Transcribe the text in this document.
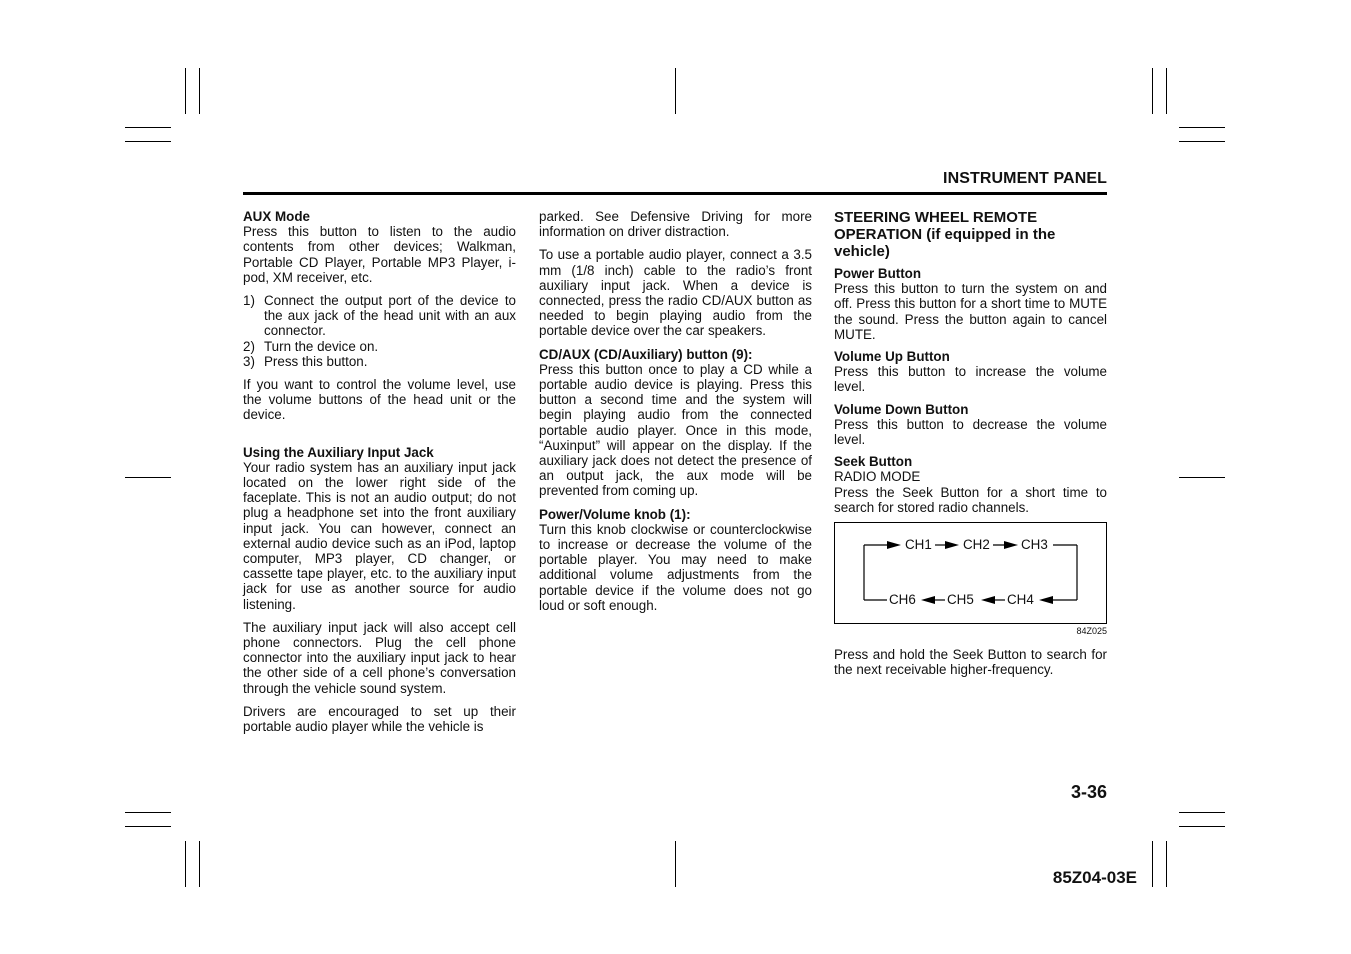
INSTRUMENT PANEL
AUX Mode

Press this button to listen to the audio contents from other devices; Walkman, Portable CD Player, Portable MP3 Player, i-pod, XM receiver, etc.

1) Connect the output port of the device to the aux jack of the head unit with an aux connector.
2) Turn the device on.
3) Press this button.

If you want to control the volume level, use the volume buttons of the head unit or the device.

Using the Auxiliary Input Jack

Your radio system has an auxiliary input jack located on the lower right side of the faceplate. This is not an audio output; do not plug a headphone set into the front auxiliary input jack. You can however, connect an external audio device such as an iPod, laptop computer, MP3 player, CD changer, or cassette tape player, etc. to the auxiliary input jack for use as another source for audio listening.

The auxiliary input jack will also accept cell phone connectors. Plug the cell phone connector into the auxiliary input jack to hear the other side of a cell phone’s conversation through the vehicle sound system.

Drivers are encouraged to set up their portable audio player while the vehicle is

parked. See Defensive Driving for more information on driver distraction.

To use a portable audio player, connect a 3.5 mm (1/8 inch) cable to the radio’s front auxiliary input jack. When a device is connected, press the radio CD/AUX button as needed to begin playing audio from the portable device over the car speakers.

CD/AUX (CD/Auxiliary) button (9):

Press this button once to play a CD while a portable audio device is playing. Press this button a second time and the system will begin playing audio from the connected portable audio player. Once in this mode, “Auxinput” will appear on the display. If the auxiliary jack does not detect the presence of an output jack, the aux mode will be prevented from coming up.

Power/Volume knob (1):

Turn this knob clockwise or counterclockwise to increase or decrease the volume of the portable player. You may need to make additional volume adjustments from the portable device if the volume does not go loud or soft enough.

STEERING WHEEL REMOTE OPERATION (if equipped in the vehicle)
Power Button

Press this button to turn the system on and off. Press this button for a short time to MUTE the sound. Press the button again to cancel MUTE.

Volume Up Button

Press this button to increase the volume level.

Volume Down Button

Press this button to decrease the volume level.

Seek Button

RADIO MODE

Press the Seek Button for a short time to search for stored radio channels.

CH1 CH2 CH3
CH6 CH5 CH4
84Z025

Press and hold the Seek Button to search for the next receivable higher-frequency.

3-36
85Z04-03E
